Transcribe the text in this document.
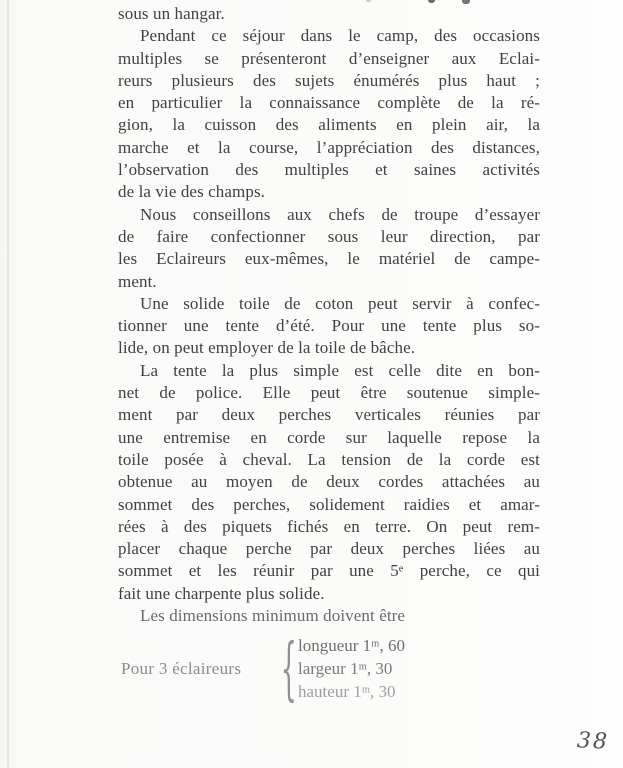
sous un hangar.
Pendant ce séjour dans le camp, des occasions
multiples se présenteront d’enseigner aux Eclai-
reurs plusieurs des sujets énumérés plus haut ;
en particulier la connaissance complète de la ré-
gion, la cuisson des aliments en plein air, la
marche et la course, l’appréciation des distances,
l’observation des multiples et saines activités
de la vie des champs.
Nous conseillons aux chefs de troupe d’essayer
de faire confectionner sous leur direction, par
les Eclaireurs eux-mêmes, le matériel de campe-
ment.
Une solide toile de coton peut servir à confec-
tionner une tente d’été. Pour une tente plus so-
lide, on peut employer de la toile de bâche.
La tente la plus simple est celle dite en bon-
net de police. Elle peut être soutenue simple-
ment par deux perches verticales réunies par
une entremise en corde sur laquelle repose la
toile posée à cheval. La tension de la corde est
obtenue au moyen de deux cordes attachées au
sommet des perches, solidement raidies et amar-
rées à des piquets fichés en terre. On peut rem-
placer chaque perche par deux perches liées au
sommet et les réunir par une 5ᵉ perche, ce qui
fait une charpente plus solide.
Les dimensions minimum doivent être
Pour 3 éclaireurs	{ longueur 1ᵐ, 60
largeur 1ᵐ, 30
hauteur 1ᵐ, 30
38
